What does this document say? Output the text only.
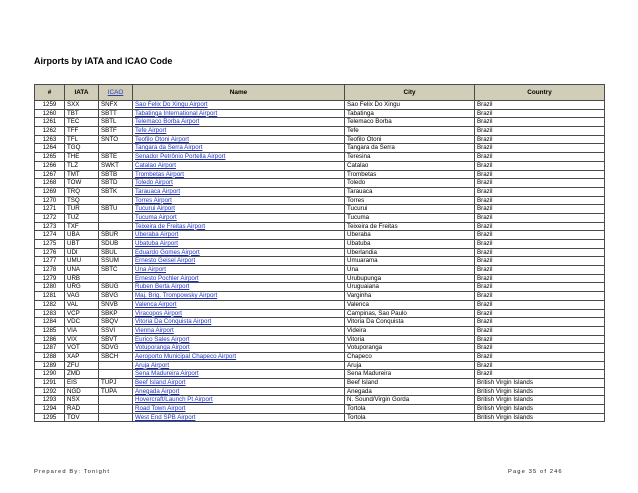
Airports by IATA and ICAO Code
#	IATA	ICAO	Name	City	Country
1259	SXX	SNFX	Sao Felix Do Xingu Airport	Sao Felix Do Xingu	Brazil
1260	TBT	SBTT	Tabatinga International Airport	Tabatinga	Brazil
1261	TEC	SBTL	Telemaco Borba Airport	Telemaco Borba	Brazil
1262	TFF	SBTF	Tefe Airport	Tefe	Brazil
1263	TFL	SNTO	Teofilo Otoni Airport	Teofilo Otoni	Brazil
1264	TGQ		Tangara da Serra Airport	Tangara da Serra	Brazil
1265	THE	SBTE	Senador Petrônio Portella Airport	Teresina	Brazil
1266	TLZ	SWKT	Catalao Airport	Catalao	Brazil
1267	TMT	SBTB	Trombetas Airport	Trombetas	Brazil
1268	TOW	SBTD	Toledo Airport	Toledo	Brazil
1269	TRQ	SBTK	Tarauaca Airport	Tarauaca	Brazil
1270	TSQ		Torres Airport	Torres	Brazil
1271	TUR	SBTU	Tucurui Airport	Tucurui	Brazil
1272	TUZ		Tucuma Airport	Tucuma	Brazil
1273	TXF		Teixeira de Freitas Airport	Teixeira de Freitas	Brazil
1274	UBA	SBUR	Uberaba Airport	Uberaba	Brazil
1275	UBT	SDUB	Ubatuba Airport	Ubatuba	Brazil
1276	UDI	SBUL	Eduardo Gomes Airport	Uberlandia	Brazil
1277	UMU	SSUM	Ernesto Geisel Airport	Umuarama	Brazil
1278	UNA	SBTC	Una Airport	Una	Brazil
1279	URB		Ernesto Pochler Airport	Urubupunga	Brazil
1280	URG	SBUG	Ruben Berta Airport	Uruguaiana	Brazil
1281	VAG	SBVG	Maj. Brig. Trompowsky Airport	Varginha	Brazil
1282	VAL	SNVB	Valenca Airport	Valenca	Brazil
1283	VCP	SBKP	Viracopos Airport	Campinas, Sao Paulo	Brazil
1284	VDC	SBQV	Vitoria Da Conquista Airport	Vitoria Da Conquista	Brazil
1285	VIA	SSVI	Vienna Airport	Videira	Brazil
1286	VIX	SBVT	Eurico Sales Airport	Vitoria	Brazil
1287	VOT	SDVG	Votuporanga Airport	Votuporanga	Brazil
1288	XAP	SBCH	Aeroporto Municipal Chapeco Airport	Chapeco	Brazil
1289	ZFU		Aruja Airport	Aruja	Brazil
1290	ZMD		Sena Madureira Airport	Sena Madureira	Brazil
1291	EIS	TUPJ	Beef Island Airport	Beef Island	British Virgin Islands
1292	NGD	TUPA	Anegada Airport	Anegada	British Virgin Islands
1293	NSX		Hovercraft/Launch Pt Airport	N. Sound/Virgin Gorda	British Virgin Islands
1294	RAD		Road Town Airport	Tortola	British Virgin Islands
1295	TOV		West End SPB Airport	Tortola	British Virgin Islands
Prepared By: Tonight	Page 35 of 246
